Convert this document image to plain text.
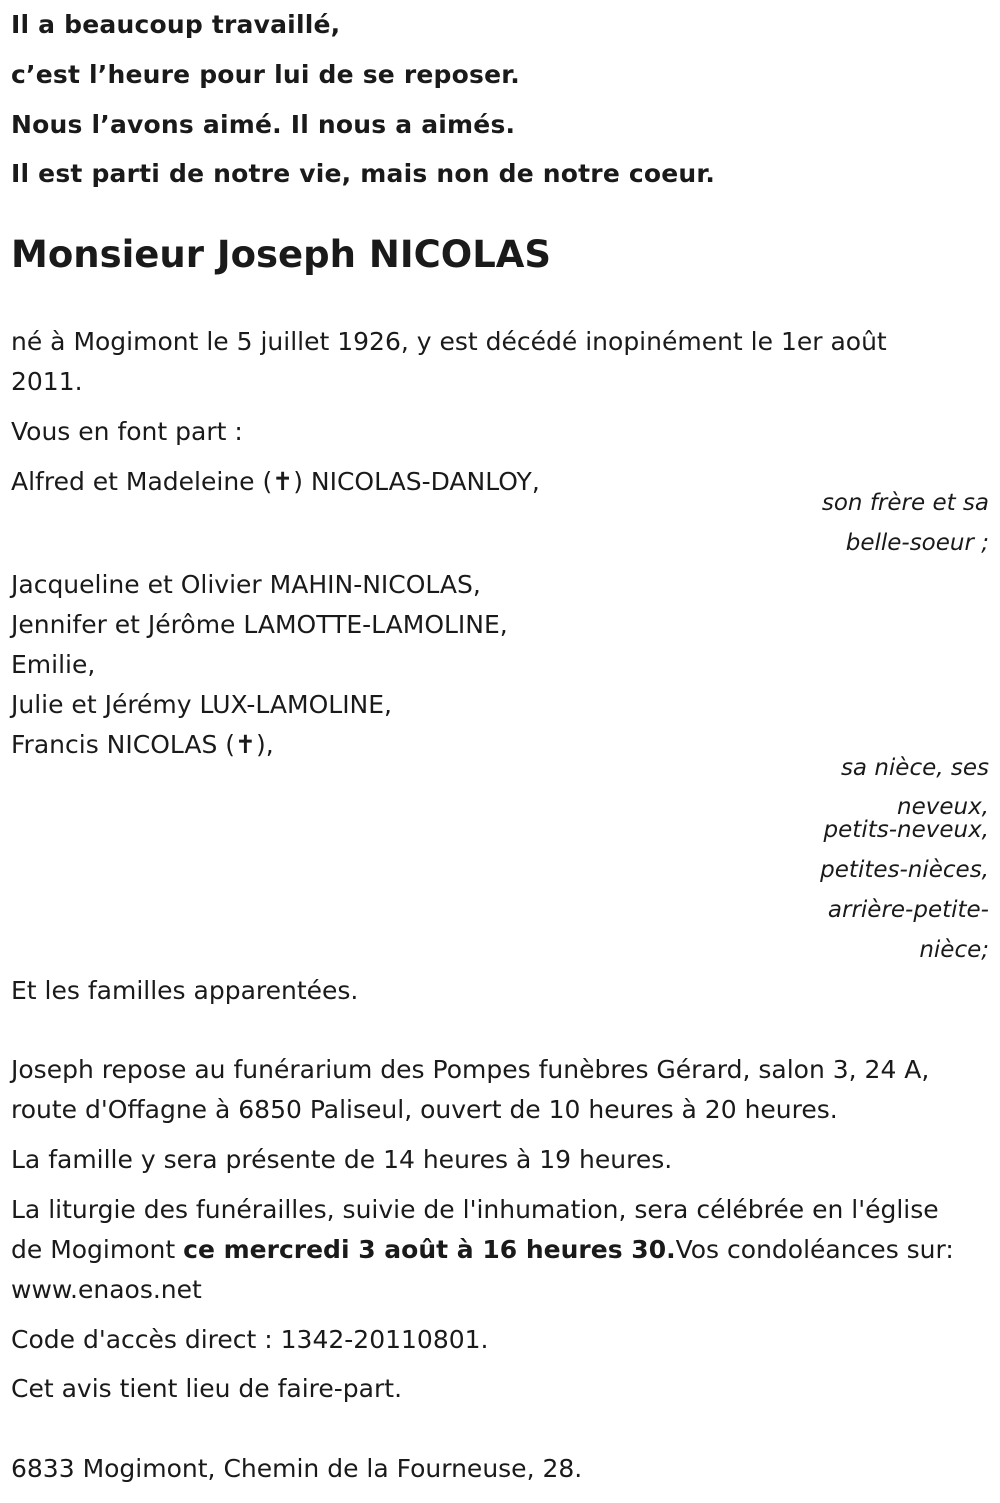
Il a beaucoup travaillé,
c’est l’heure pour lui de se reposer.
Nous l’avons aimé. Il nous a aimés.
Il est parti de notre vie, mais non de notre coeur.
Monsieur Joseph NICOLAS
né à Mogimont le 5 juillet 1926, y est décédé inopinément le 1er août
2011.
Vous en font part :
Alfred et Madeleine (✝) NICOLAS-DANLOY,
son frère et sa
belle-soeur ;
Jacqueline et Olivier MAHIN-NICOLAS,
Jennifer et Jérôme LAMOTTE-LAMOLINE,
Emilie,
Julie et Jérémy LUX-LAMOLINE,
Francis NICOLAS (✝),
sa nièce, ses
neveux,
petits-neveux,
petites-nièces,
arrière-petite-
nièce;
Et les familles apparentées.
Joseph repose au funérarium des Pompes funèbres Gérard, salon 3, 24 A,
route d'Offagne à 6850 Paliseul, ouvert de 10 heures à 20 heures.
La famille y sera présente de 14 heures à 19 heures.
La liturgie des funérailles, suivie de l'inhumation, sera célébrée en l'église
de Mogimont ce mercredi 3 août à 16 heures 30.Vos condoléances sur:
www.enaos.net
Code d'accès direct : 1342-20110801.
Cet avis tient lieu de faire-part.
6833 Mogimont, Chemin de la Fourneuse, 28.
